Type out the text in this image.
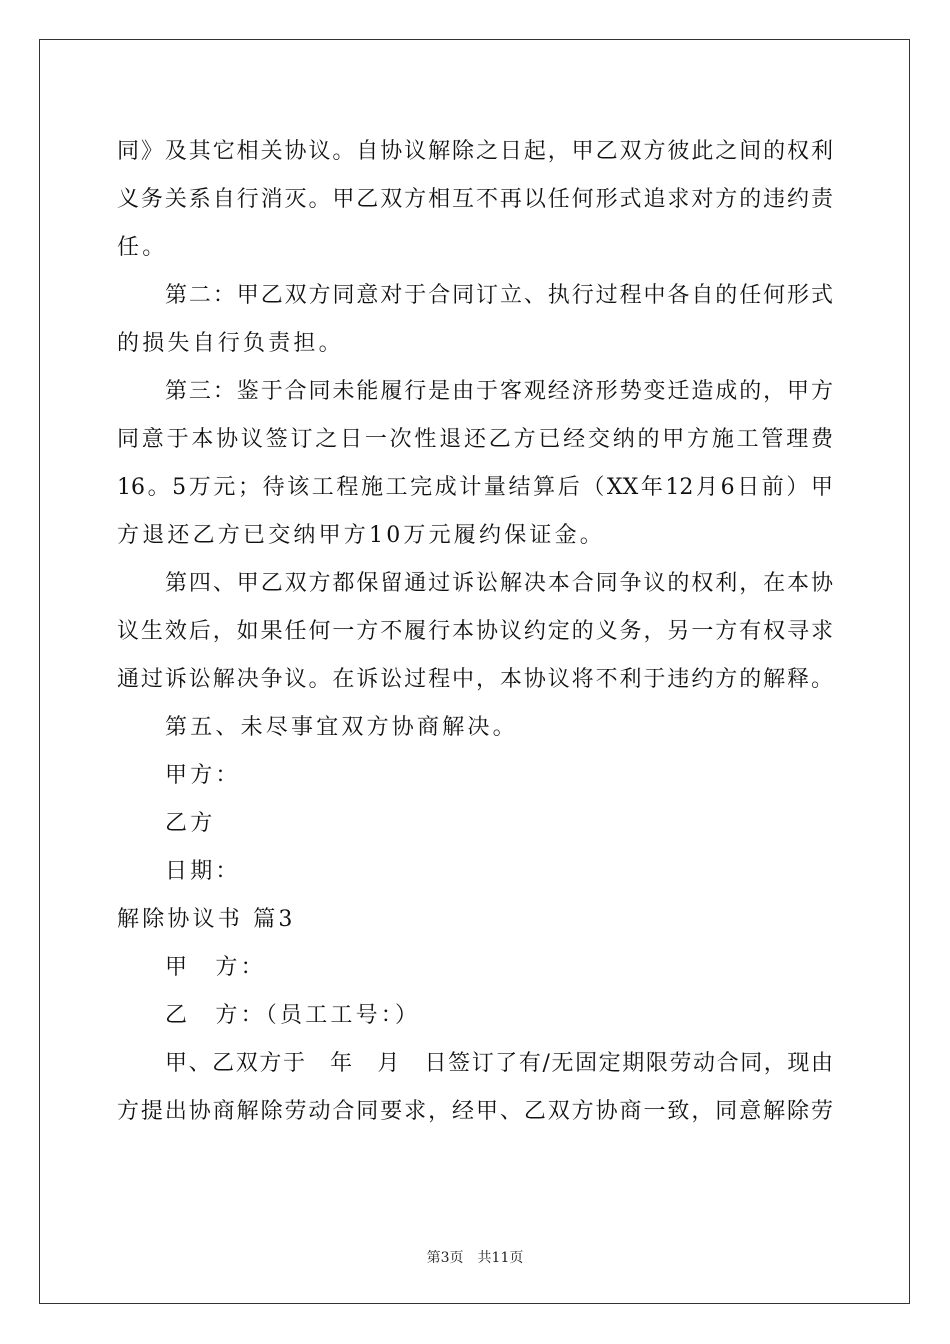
同》及其它相关协议。自协议解除之日起，甲乙双方彼此之间的权利
义务关系自行消灭。甲乙双方相互不再以任何形式追求对方的违约责
任。
第二：甲乙双方同意对于合同订立、执行过程中各自的任何形式
的损失自行负责担。
第三：鉴于合同未能履行是由于客观经济形势变迁造成的，甲方
同意于本协议签订之日一次性退还乙方已经交纳的甲方施工管理费
16。5万元；待该工程施工完成计量结算后（XX年12月6日前）甲
方退还乙方已交纳甲方10万元履约保证金。
第四、甲乙双方都保留通过诉讼解决本合同争议的权利，在本协
议生效后，如果任何一方不履行本协议约定的义务，另一方有权寻求
通过诉讼解决争议。在诉讼过程中，本协议将不利于违约方的解释。
第五、未尽事宜双方协商解决。
甲方：
乙方
日期：
解除协议书 篇3
甲　方：
乙　方：（员工工号：）
甲、乙双方于　年　月　日签订了有/无固定期限劳动合同，现由
方提出协商解除劳动合同要求，经甲、乙双方协商一致，同意解除劳
第3页　共11页
